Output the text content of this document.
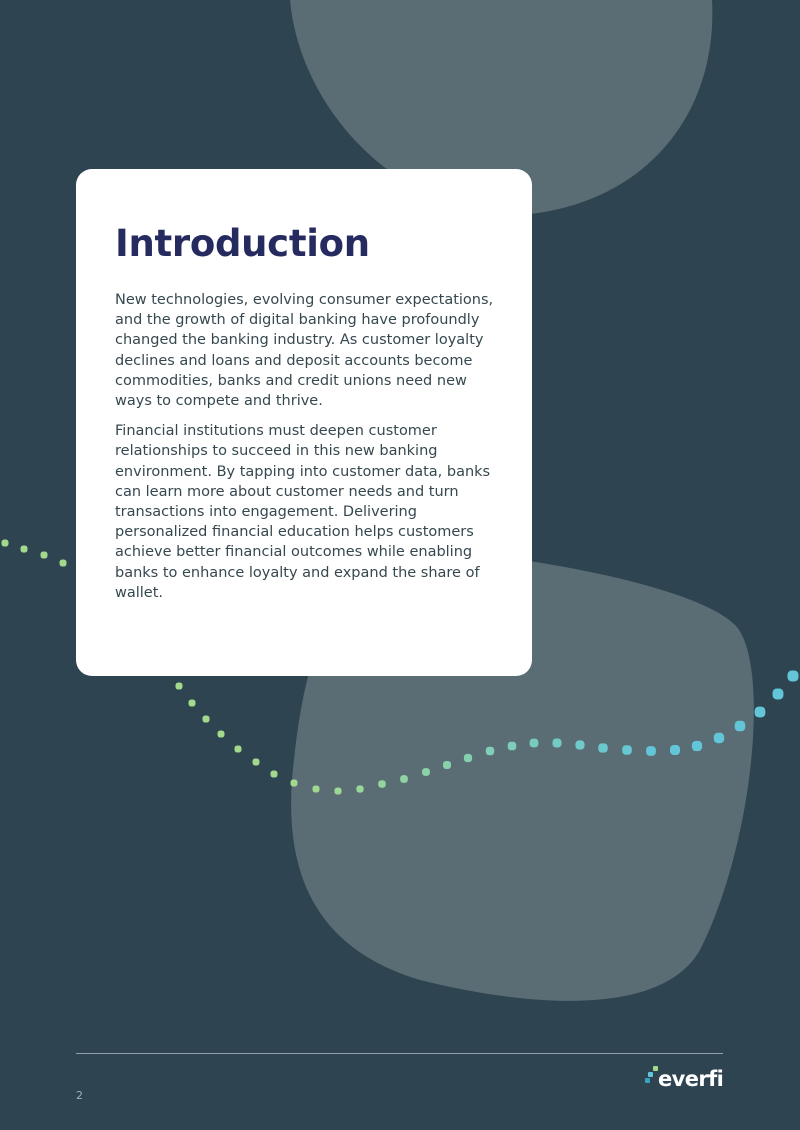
Introduction

New technologies, evolving consumer expectations, and the growth of digital banking have profoundly changed the banking industry. As customer loyalty declines and loans and deposit accounts become commodities, banks and credit unions need new ways to compete and thrive.

Financial institutions must deepen customer relationships to succeed in this new banking environment. By tapping into customer data, banks can learn more about customer needs and turn transactions into engagement. Delivering personalized financial education helps customers achieve better financial outcomes while enabling banks to enhance loyalty and expand the share of wallet.

2
everfi
